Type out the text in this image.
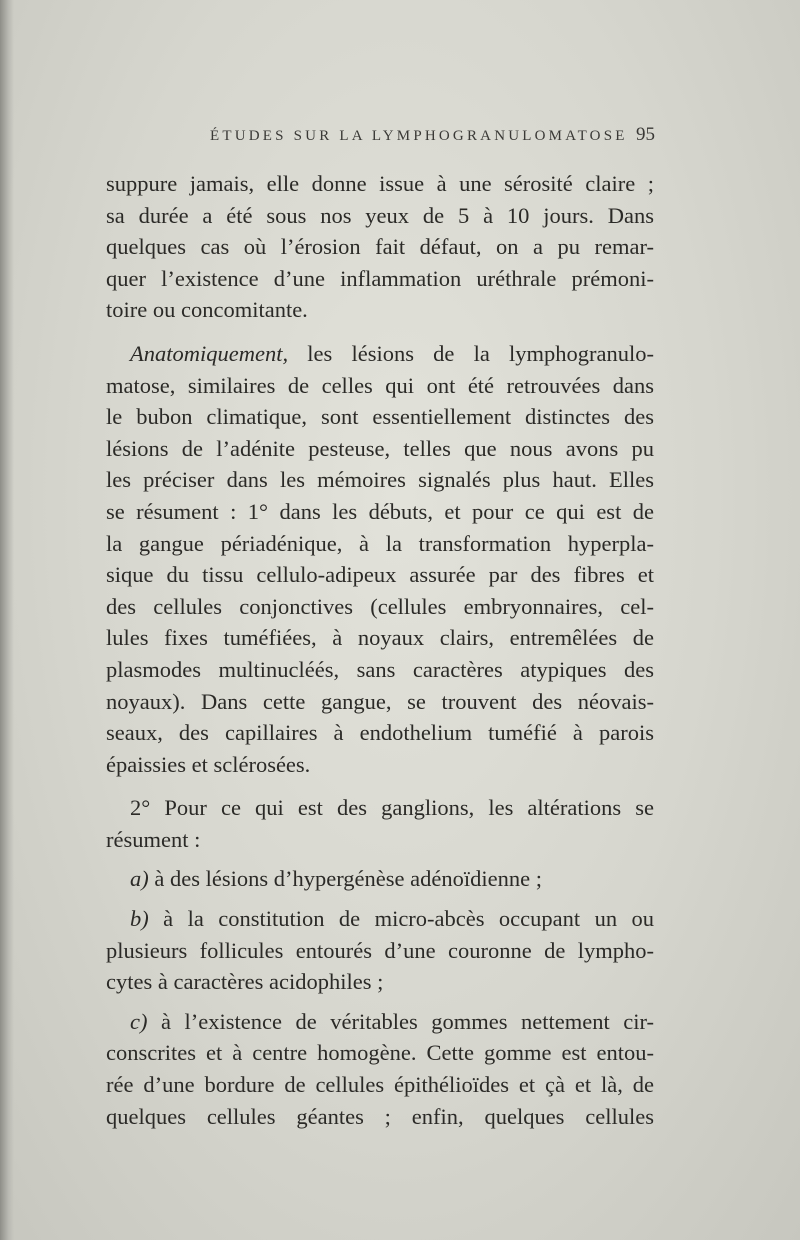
ÉTUDES SUR LA LYMPHOGRANULOMATOSE 95
suppure jamais, elle donne issue à une sérosité claire ;
sa durée a été sous nos yeux de 5 à 10 jours. Dans
quelques cas où l’érosion fait défaut, on a pu remar-
quer l’existence d’une inflammation uréthrale prémoni-
toire ou concomitante.
Anatomiquement, les lésions de la lymphogranulo-
matose, similaires de celles qui ont été retrouvées dans
le bubon climatique, sont essentiellement distinctes des
lésions de l’adénite pesteuse, telles que nous avons pu
les préciser dans les mémoires signalés plus haut. Elles
se résument : 1° dans les débuts, et pour ce qui est de
la gangue périadénique, à la transformation hyperpla-
sique du tissu cellulo-adipeux assurée par des fibres et
des cellules conjonctives (cellules embryonnaires, cel-
lules fixes tuméfiées, à noyaux clairs, entremêlées de
plasmodes multinucléés, sans caractères atypiques des
noyaux). Dans cette gangue, se trouvent des néovais-
seaux, des capillaires à endothelium tuméfié à parois
épaissies et sclérosées.
2° Pour ce qui est des ganglions, les altérations se
résument :
a) à des lésions d’hypergénèse adénoïdienne ;
b) à la constitution de micro-abcès occupant un ou
plusieurs follicules entourés d’une couronne de lympho-
cytes à caractères acidophiles ;
c) à l’existence de véritables gommes nettement cir-
conscrites et à centre homogène. Cette gomme est entou-
rée d’une bordure de cellules épithélioïdes et çà et là, de
quelques cellules géantes ; enfin, quelques cellules
